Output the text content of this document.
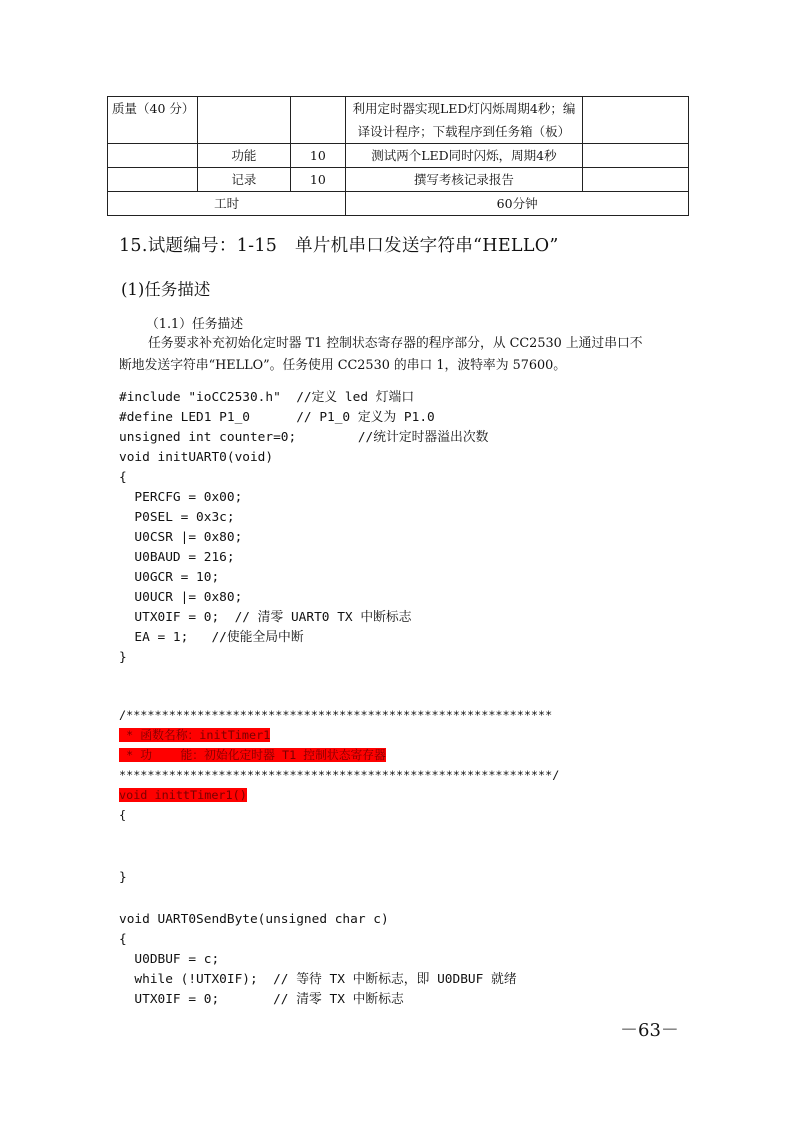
质量（40 分）			利用定时器实现LED灯闪烁周期4秒；编译设计程序；下载程序到任务箱（板）	
	功能	10	测试两个LED同时闪烁，周期4秒	
	记录	10	撰写考核记录报告	
工时			60分钟	
15.试题编号：1-15　单片机串口发送字符串“HELLO”
(1)任务描述
（1.1）任务描述
任务要求补充初始化定时器 T1 控制状态寄存器的程序部分，从 CC2530 上通过串口不
断地发送字符串“HELLO”。任务使用 CC2530 的串口 1，波特率为 57600。
#include "ioCC2530.h"  //定义 led 灯端口
#define LED1 P1_0      // P1_0 定义为 P1.0
unsigned int counter=0;        //统计定时器溢出次数
void initUART0(void)
{
PERCFG = 0x00;
P0SEL = 0x3c;
U0CSR |= 0x80;
U0BAUD = 216;
U0GCR = 10;
U0UCR |= 0x80;
UTX0IF = 0;  // 清零 UART0 TX 中断标志
EA = 1;   //使能全局中断
}
/************************************************************
* 函数名称：initTimer1
* 功    能：初始化定时器 T1 控制状态寄存器
*************************************************************/
void inittTimer1()
{
}
void UART0SendByte(unsigned char c)
{
U0DBUF = c;
while (!UTX0IF);  // 等待 TX 中断标志，即 U0DBUF 就绪
UTX0IF = 0;       // 清零 TX 中断标志
－63－
